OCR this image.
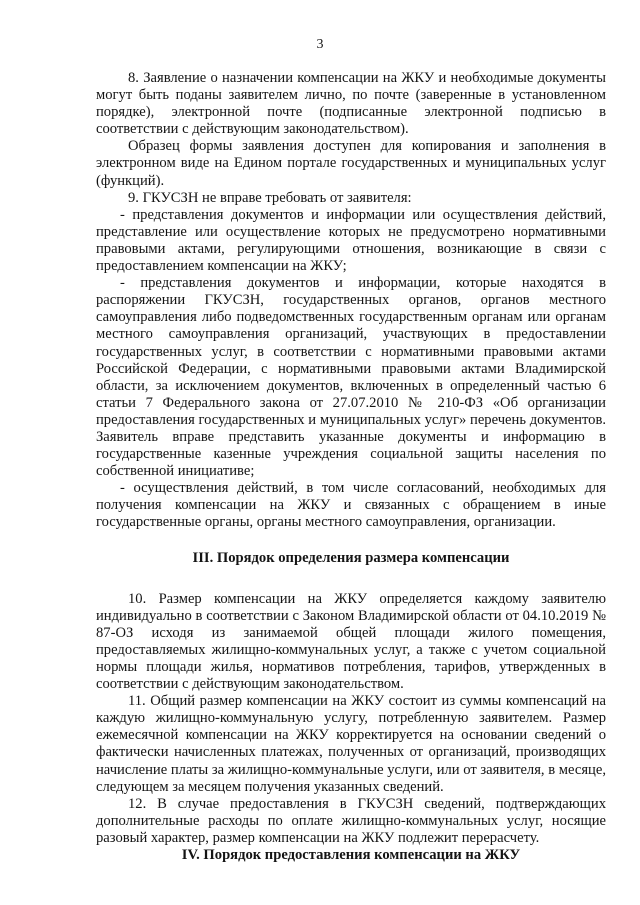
3

8. Заявление о назначении компенсации на ЖКУ и необходимые документы могут быть поданы заявителем лично, по почте (заверенные в установленном порядке), электронной почте (подписанные электронной подписью в соответствии с действующим законодательством).

Образец формы заявления доступен для копирования и заполнения в электронном виде на Едином портале государственных и муниципальных услуг (функций).

9. ГКУСЗН не вправе требовать от заявителя:

- представления документов и информации или осуществления действий, представление или осуществление которых не предусмотрено нормативными правовыми актами, регулирующими отношения, возникающие в связи с предоставлением компенсации на ЖКУ;

- представления документов и информации, которые находятся в распоряжении ГКУСЗН, государственных органов, органов местного самоуправления либо подведомственных государственным органам или органам местного самоуправления организаций, участвующих в предоставлении государственных услуг, в соответствии с нормативными правовыми актами Российской Федерации, с нормативными правовыми актами Владимирской области, за исключением документов, включенных в определенный частью 6 статьи 7 Федерального закона от 27.07.2010 № 210-ФЗ «Об организации предоставления государственных и муниципальных услуг» перечень документов. Заявитель вправе представить указанные документы и информацию в государственные казенные учреждения социальной защиты населения по собственной инициативе;

- осуществления действий, в том числе согласований, необходимых для получения компенсации на ЖКУ и связанных с обращением в иные государственные органы, органы местного самоуправления, организации.

III. Порядок определения размера компенсации

10. Размер компенсации на ЖКУ определяется каждому заявителю индивидуально в соответствии с Законом Владимирской области от 04.10.2019 № 87-ОЗ исходя из занимаемой общей площади жилого помещения, предоставляемых жилищно-коммунальных услуг, а также с учетом социальной нормы площади жилья, нормативов потребления, тарифов, утвержденных в соответствии с действующим законодательством.

11. Общий размер компенсации на ЖКУ состоит из суммы компенсаций на каждую жилищно-коммунальную услугу, потребленную заявителем. Размер ежемесячной компенсации на ЖКУ корректируется на основании сведений о фактически начисленных платежах, полученных от организаций, производящих начисление платы за жилищно-коммунальные услуги, или от заявителя, в месяце, следующем за месяцем получения указанных сведений.

12. В случае предоставления в ГКУСЗН сведений, подтверждающих дополнительные расходы по оплате жилищно-коммунальных услуг, носящие разовый характер, размер компенсации на ЖКУ подлежит перерасчету.

IV. Порядок предоставления компенсации на ЖКУ
